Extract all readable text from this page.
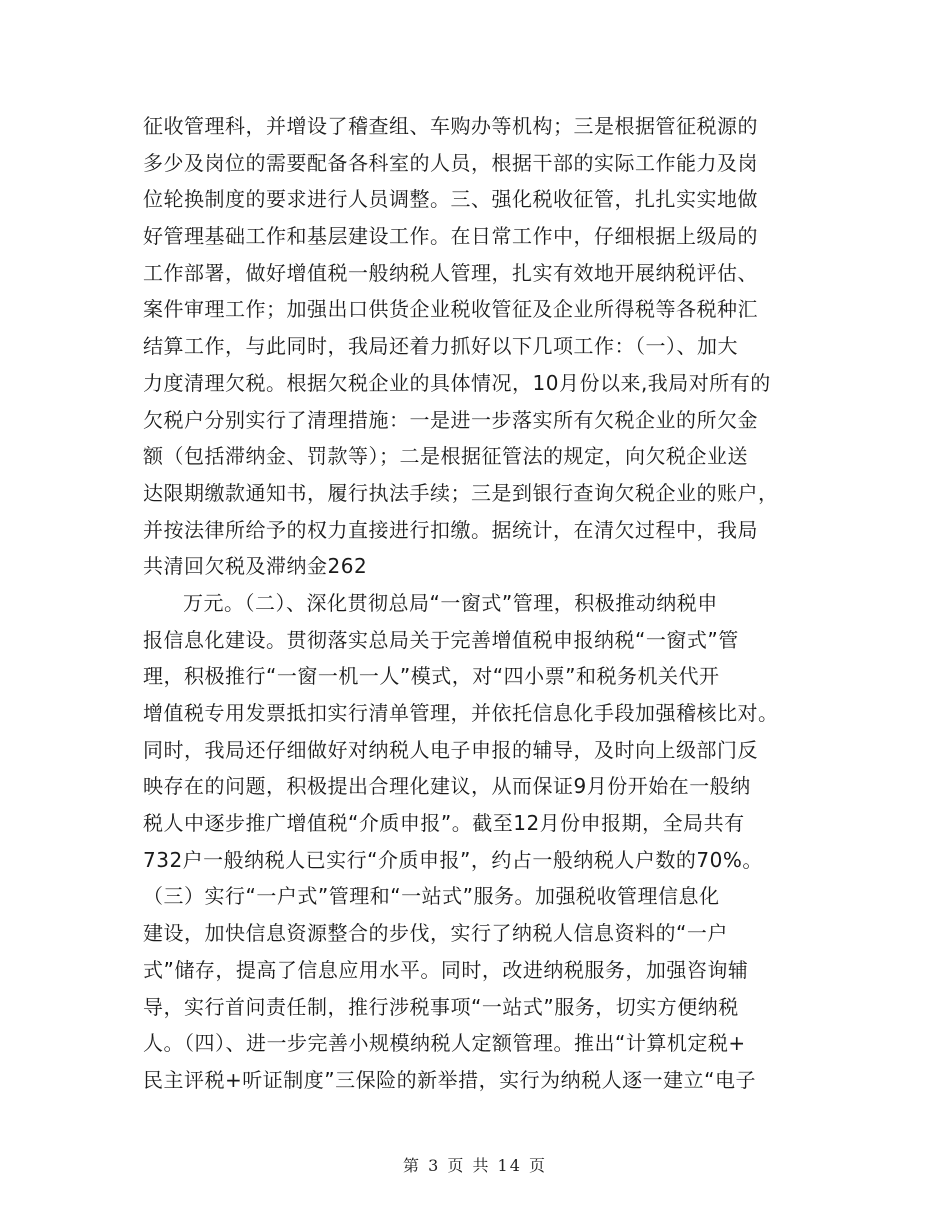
征收管理科，并增设了稽查组、车购办等机构；三是根据管征税源的
多少及岗位的需要配备各科室的人员，根据干部的实际工作能力及岗
位轮换制度的要求进行人员调整。三、强化税收征管，扎扎实实地做
好管理基础工作和基层建设工作。在日常工作中，仔细根据上级局的
工作部署，做好增值税一般纳税人管理，扎实有效地开展纳税评估、
案件审理工作；加强出口供货企业税收管征及企业所得税等各税种汇
结算工作，与此同时，我局还着力抓好以下几项工作：（一）、加大
力度清理欠税。根据欠税企业的具体情况，10月份以来,我局对所有的
欠税户分别实行了清理措施：一是进一步落实所有欠税企业的所欠金
额（包括滞纳金、罚款等）；二是根据征管法的规定，向欠税企业送
达限期缴款通知书，履行执法手续；三是到银行查询欠税企业的账户，
并按法律所给予的权力直接进行扣缴。据统计，在清欠过程中，我局
共清回欠税及滞纳金262
万元。（二）、深化贯彻总局“一窗式”管理，积极推动纳税申
报信息化建设。贯彻落实总局关于完善增值税申报纳税“一窗式”管
理，积极推行“一窗一机一人”模式，对“四小票”和税务机关代开
增值税专用发票抵扣实行清单管理，并依托信息化手段加强稽核比对。
同时，我局还仔细做好对纳税人电子申报的辅导，及时向上级部门反
映存在的问题，积极提出合理化建议，从而保证9月份开始在一般纳
税人中逐步推广增值税“介质申报”。截至12月份申报期，全局共有
732户一般纳税人已实行“介质申报”，约占一般纳税人户数的70%。
（三）实行“一户式”管理和“一站式”服务。加强税收管理信息化
建设，加快信息资源整合的步伐，实行了纳税人信息资料的“一户
式”储存，提高了信息应用水平。同时，改进纳税服务，加强咨询辅
导，实行首问责任制，推行涉税事项“一站式”服务，切实方便纳税
人。（四）、进一步完善小规模纳税人定额管理。推出“计算机定税+
民主评税+听证制度”三保险的新举措，实行为纳税人逐一建立“电子
第 3 页 共 14 页
